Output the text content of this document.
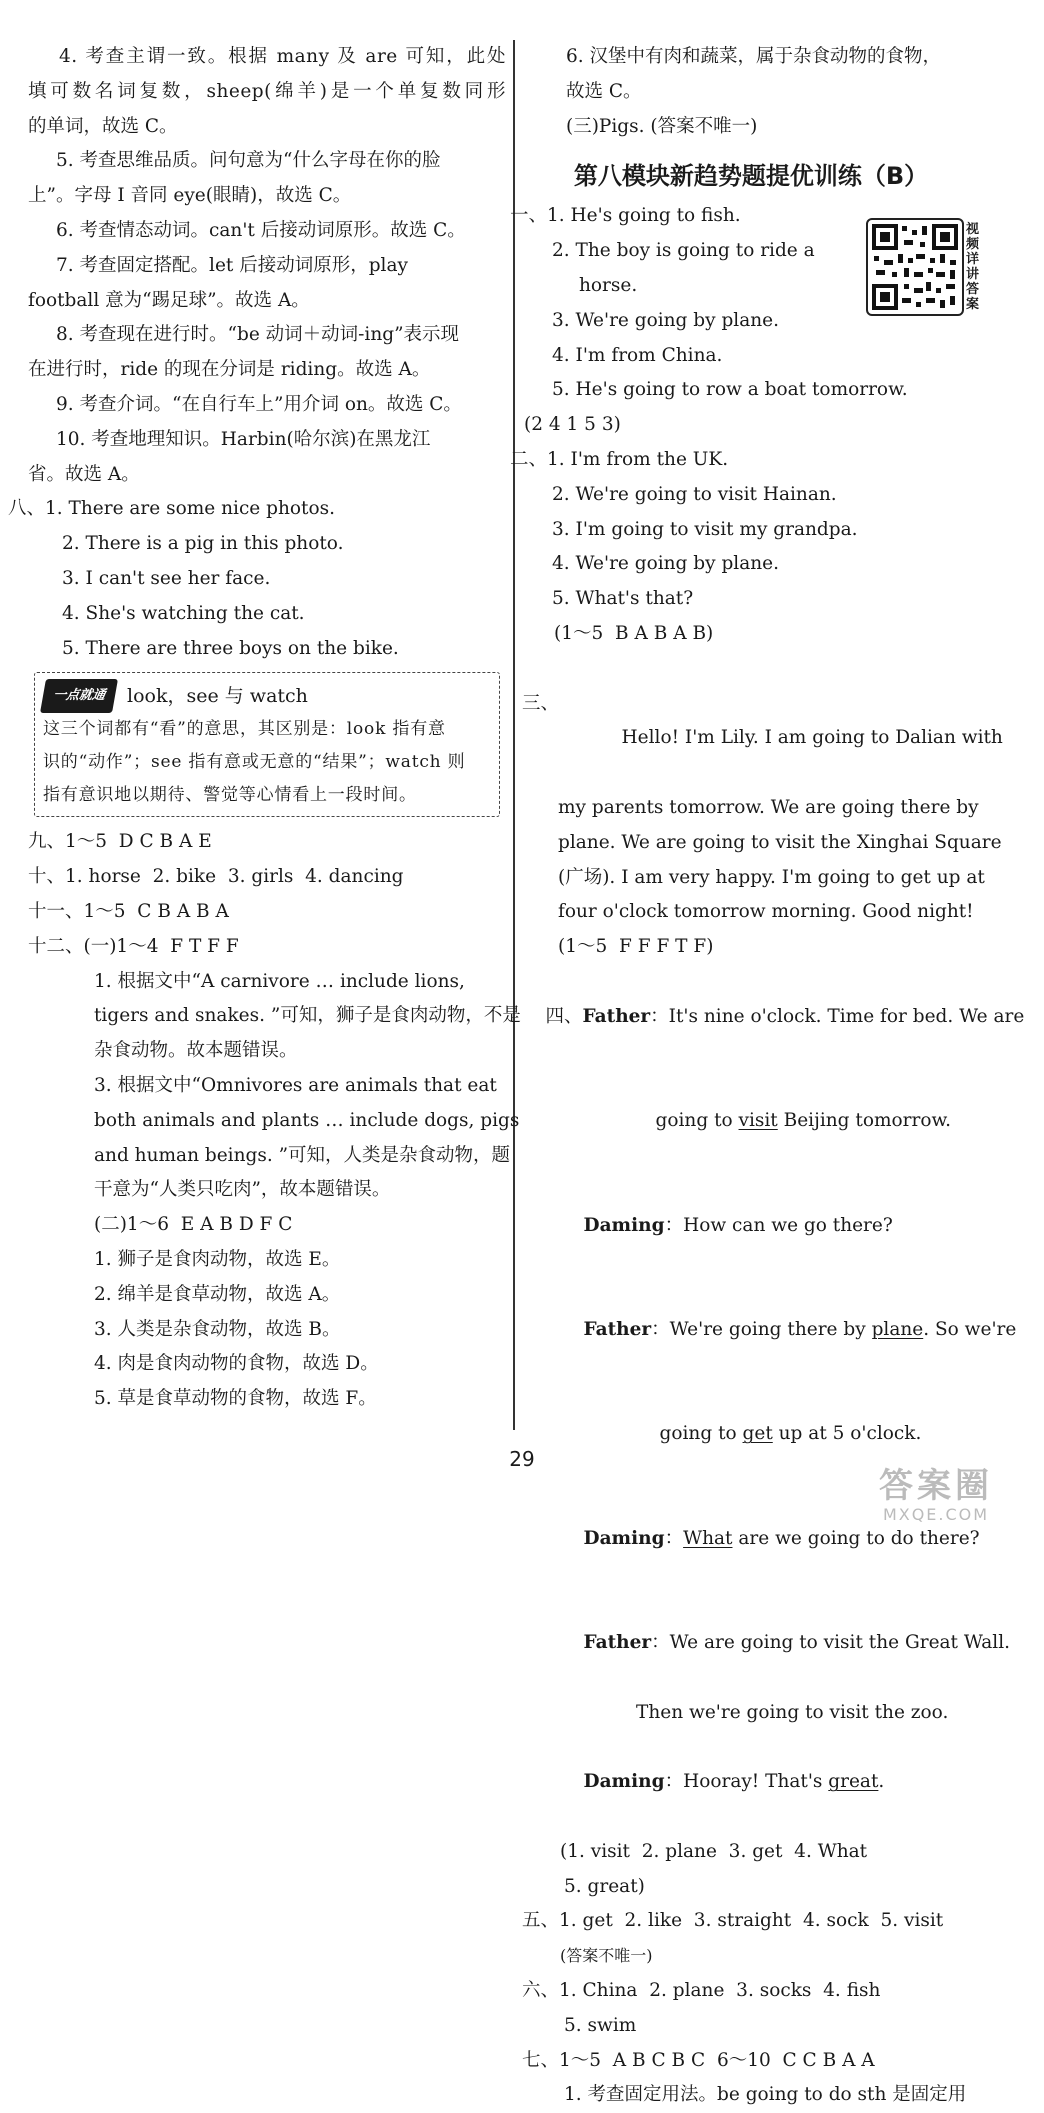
4. 考查主谓一致。根据 many 及 are 可知，此处
填可数名词复数，sheep(绵羊)是一个单复数同形
的单词，故选 C。
5. 考查思维品质。问句意为“什么字母在你的脸
上”。字母 I 音同 eye(眼睛)，故选 C。
6. 考查情态动词。can't 后接动词原形。故选 C。
7. 考查固定搭配。let 后接动词原形，play
football 意为“踢足球”。故选 A。
8. 考查现在进行时。“be 动词＋动词-ing”表示现
在进行时，ride 的现在分词是 riding。故选 A。
9. 考查介词。“在自行车上”用介词 on。故选 C。
10. 考查地理知识。Harbin(哈尔滨)在黑龙江
省。故选 A。
八、1. There are some nice photos.
2. There is a pig in this photo.
3. I can't see her face.
4. She's watching the cat.
5. There are three boys on the bike.
一点就通	look，see 与 watch
这三个词都有“看”的意思，其区别是：look 指有意
识的“动作”；see 指有意或无意的“结果”；watch 则
指有意识地以期待、警觉等心情看上一段时间。
九、1～5  D C B A E
十、1. horse  2. bike  3. girls  4. dancing
十一、1～5  C B A B A
十二、(一)1～4  F T F F
1. 根据文中“A carnivore … include lions,
tigers and snakes. ”可知，狮子是食肉动物，不是
杂食动物。故本题错误。
3. 根据文中“Omnivores are animals that eat
both animals and plants … include dogs, pigs
and human beings. ”可知，人类是杂食动物，题
干意为“人类只吃肉”，故本题错误。
(二)1～6  E A B D F C
1. 狮子是食肉动物，故选 E。
2. 绵羊是食草动物，故选 A。
3. 人类是杂食动物，故选 B。
4. 肉是食肉动物的食物，故选 D。
5. 草是食草动物的食物，故选 F。
6. 汉堡中有肉和蔬菜，属于杂食动物的食物，
故选 C。
(三)Pigs. (答案不唯一)
第八模块新趋势题提优训练（B）
视频详讲答案
一、1. He's going to fish.
2. The boy is going to ride a
horse.
3. We're going by plane.
4. I'm from China.
5. He's going to row a boat tomorrow.
(2 4 1 5 3)
二、1. I'm from the UK.
2. We're going to visit Hainan.
3. I'm going to visit my grandpa.
4. We're going by plane.
5. What's that?
(1～5  B A B A B)

三、

Hello! I'm Lily. I am going to Dalian with

my parents tomorrow. We are going there by
plane. We are going to visit the Xinghai Square
(广场). I am very happy. I'm going to get up at
four o'clock tomorrow morning. Good night!
(1～5  F F F T F)

四、Father：It's nine o'clock. Time for bed. We are

going to visit Beijing tomorrow.

Daming：How can we go there?

Father：We're going there by plane. So we're

going to get up at 5 o'clock.

Daming：What are we going to do there?

Father：We are going to visit the Great Wall.

Then we're going to visit the zoo.

Daming：Hooray! That's great.

(1. visit  2. plane  3. get  4. What
5. great)
五、1. get  2. like  3. straight  4. sock  5. visit
(答案不唯一)
六、1. China  2. plane  3. socks  4. fish
5. swim
七、1～5  A B C B C  6～10  C C B A A
1. 考查固定用法。be going to do sth 是固定用
29
答案圈
MXQE.COM
